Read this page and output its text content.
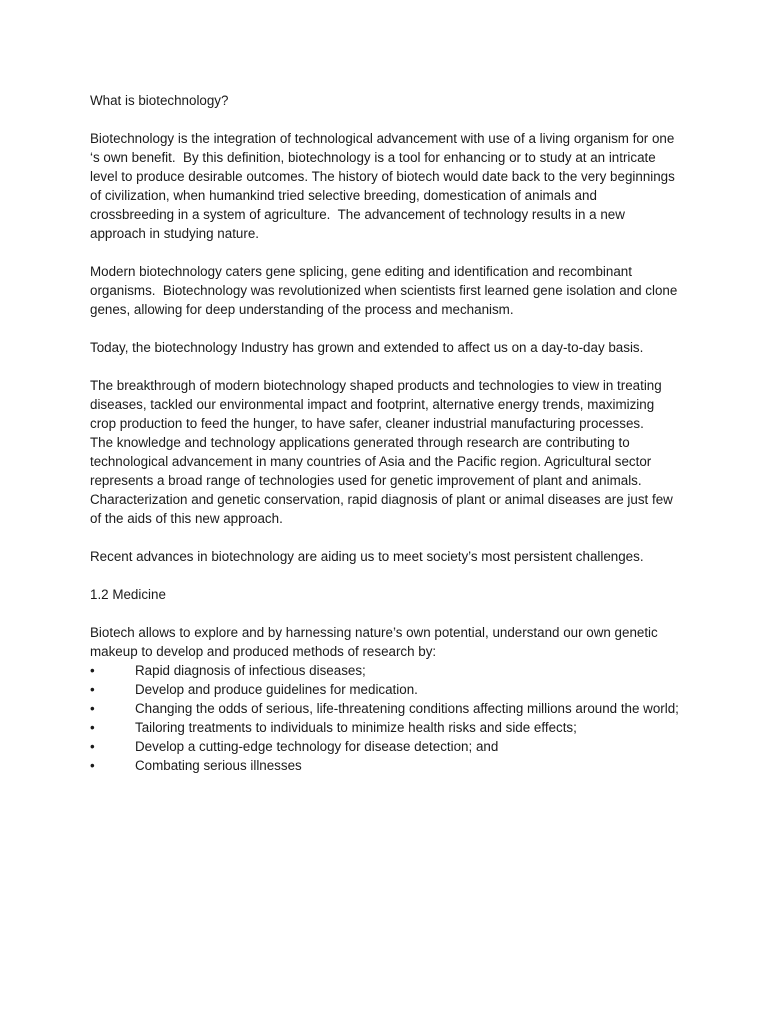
What is biotechnology?

Biotechnology is the integration of technological advancement with use of a living organism for one ‘s own benefit.  By this definition, biotechnology is a tool for enhancing or to study at an intricate level to produce desirable outcomes. The history of biotech would date back to the very beginnings of civilization, when humankind tried selective breeding, domestication of animals and crossbreeding in a system of agriculture.  The advancement of technology results in a new approach in studying nature.

Modern biotechnology caters gene splicing, gene editing and identification and recombinant organisms.  Biotechnology was revolutionized when scientists first learned gene isolation and clone genes, allowing for deep understanding of the process and mechanism.

Today, the biotechnology Industry has grown and extended to affect us on a day-to-day basis.

The breakthrough of modern biotechnology shaped products and technologies to view in treating diseases, tackled our environmental impact and footprint, alternative energy trends, maximizing crop production to feed the hunger, to have safer, cleaner industrial manufacturing processes.

The knowledge and technology applications generated through research are contributing to technological advancement in many countries of Asia and the Pacific region. Agricultural sector represents a broad range of technologies used for genetic improvement of plant and animals. Characterization and genetic conservation, rapid diagnosis of plant or animal diseases are just few of the aids of this new approach.

Recent advances in biotechnology are aiding us to meet society’s most persistent challenges.

1.2 Medicine

Biotech allows to explore and by harnessing nature’s own potential, understand our own genetic makeup to develop and produced methods of research by:

•	Rapid diagnosis of infectious diseases;

•	Develop and produce guidelines for medication.

•	Changing the odds of serious, life-threatening conditions affecting millions around the world;

•	Tailoring treatments to individuals to minimize health risks and side effects;

•	Develop a cutting-edge technology for disease detection; and

•	Combating serious illnesses
